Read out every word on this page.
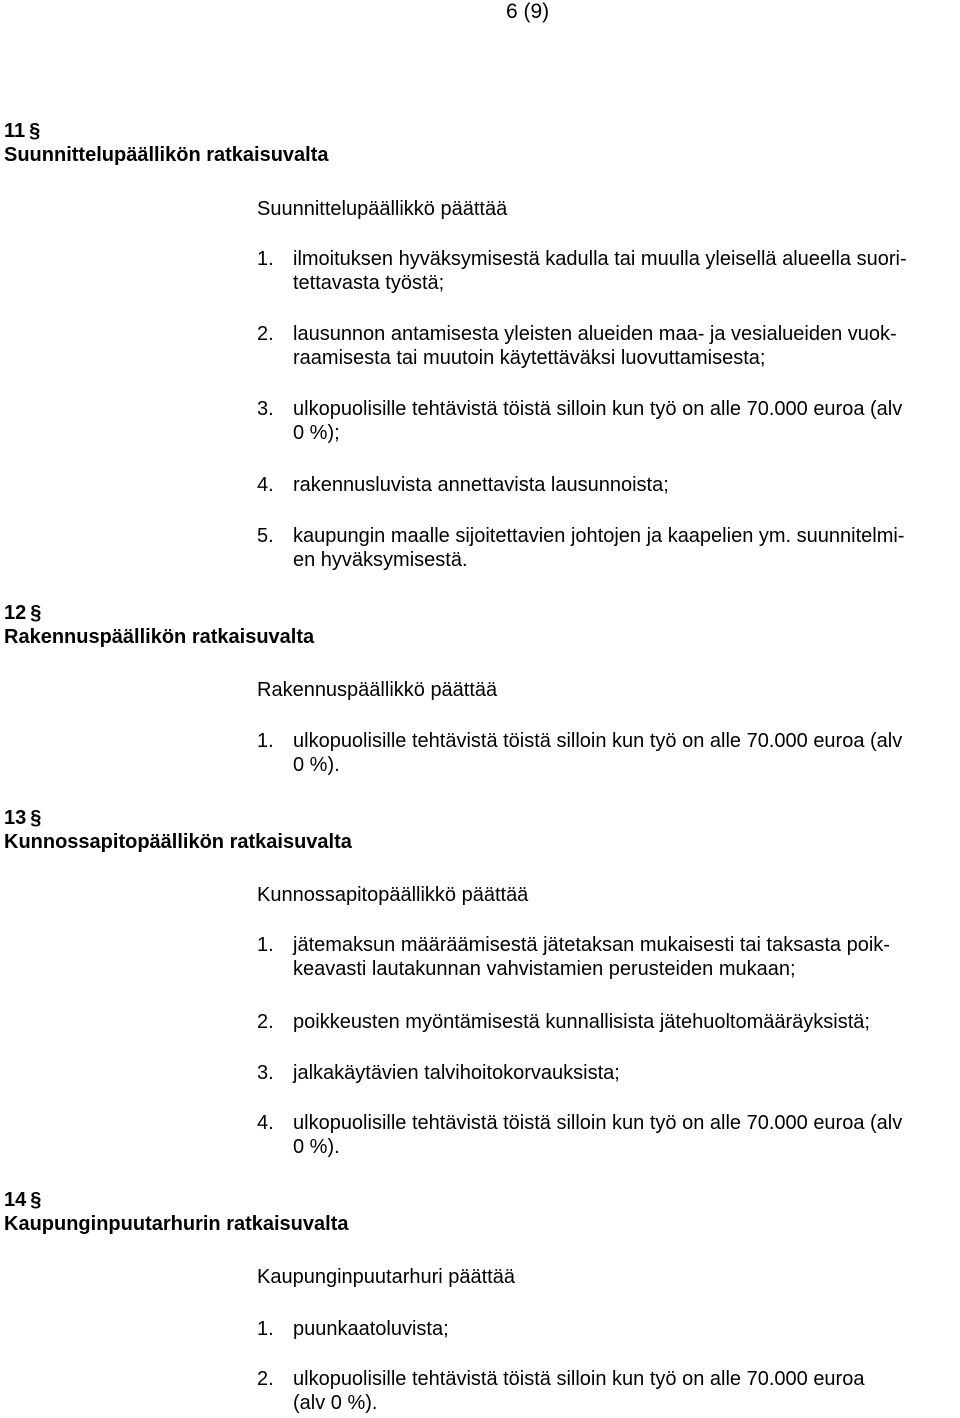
6 (9)
11 §
Suunnittelupäällikön ratkaisuvalta
Suunnittelupäällikkö päättää
1. ilmoituksen hyväksymisestä kadulla tai muulla yleisellä alueella suori-
tettavasta työstä;
2. lausunnon antamisesta yleisten alueiden maa- ja vesialueiden vuok-
raamisesta tai muutoin käytettäväksi luovuttamisesta;
3. ulkopuolisille tehtävistä töistä silloin kun työ on alle 70.000 euroa (alv
0 %);
4. rakennusluvista annettavista lausunnoista;
5. kaupungin maalle sijoitettavien johtojen ja kaapelien ym. suunnitelmi-
en hyväksymisestä.
12 §
Rakennuspäällikön ratkaisuvalta
Rakennuspäällikkö päättää
1. ulkopuolisille tehtävistä töistä silloin kun työ on alle 70.000 euroa (alv
0 %).
13 §
Kunnossapitopäällikön ratkaisuvalta
Kunnossapitopäällikkö päättää
1. jätemaksun määräämisestä jätetaksan mukaisesti tai taksasta poik-
keavasti lautakunnan vahvistamien perusteiden mukaan;
2. poikkeusten myöntämisestä kunnallisista jätehuoltomääräyksistä;
3. jalkakäytävien talvihoitokorvauksista;
4. ulkopuolisille tehtävistä töistä silloin kun työ on alle 70.000 euroa (alv
0 %).
14 §
Kaupunginpuutarhurin ratkaisuvalta
Kaupunginpuutarhuri päättää
1. puunkaatoluvista;
2. ulkopuolisille tehtävistä töistä silloin kun työ on alle 70.000 euroa
(alv 0 %).
